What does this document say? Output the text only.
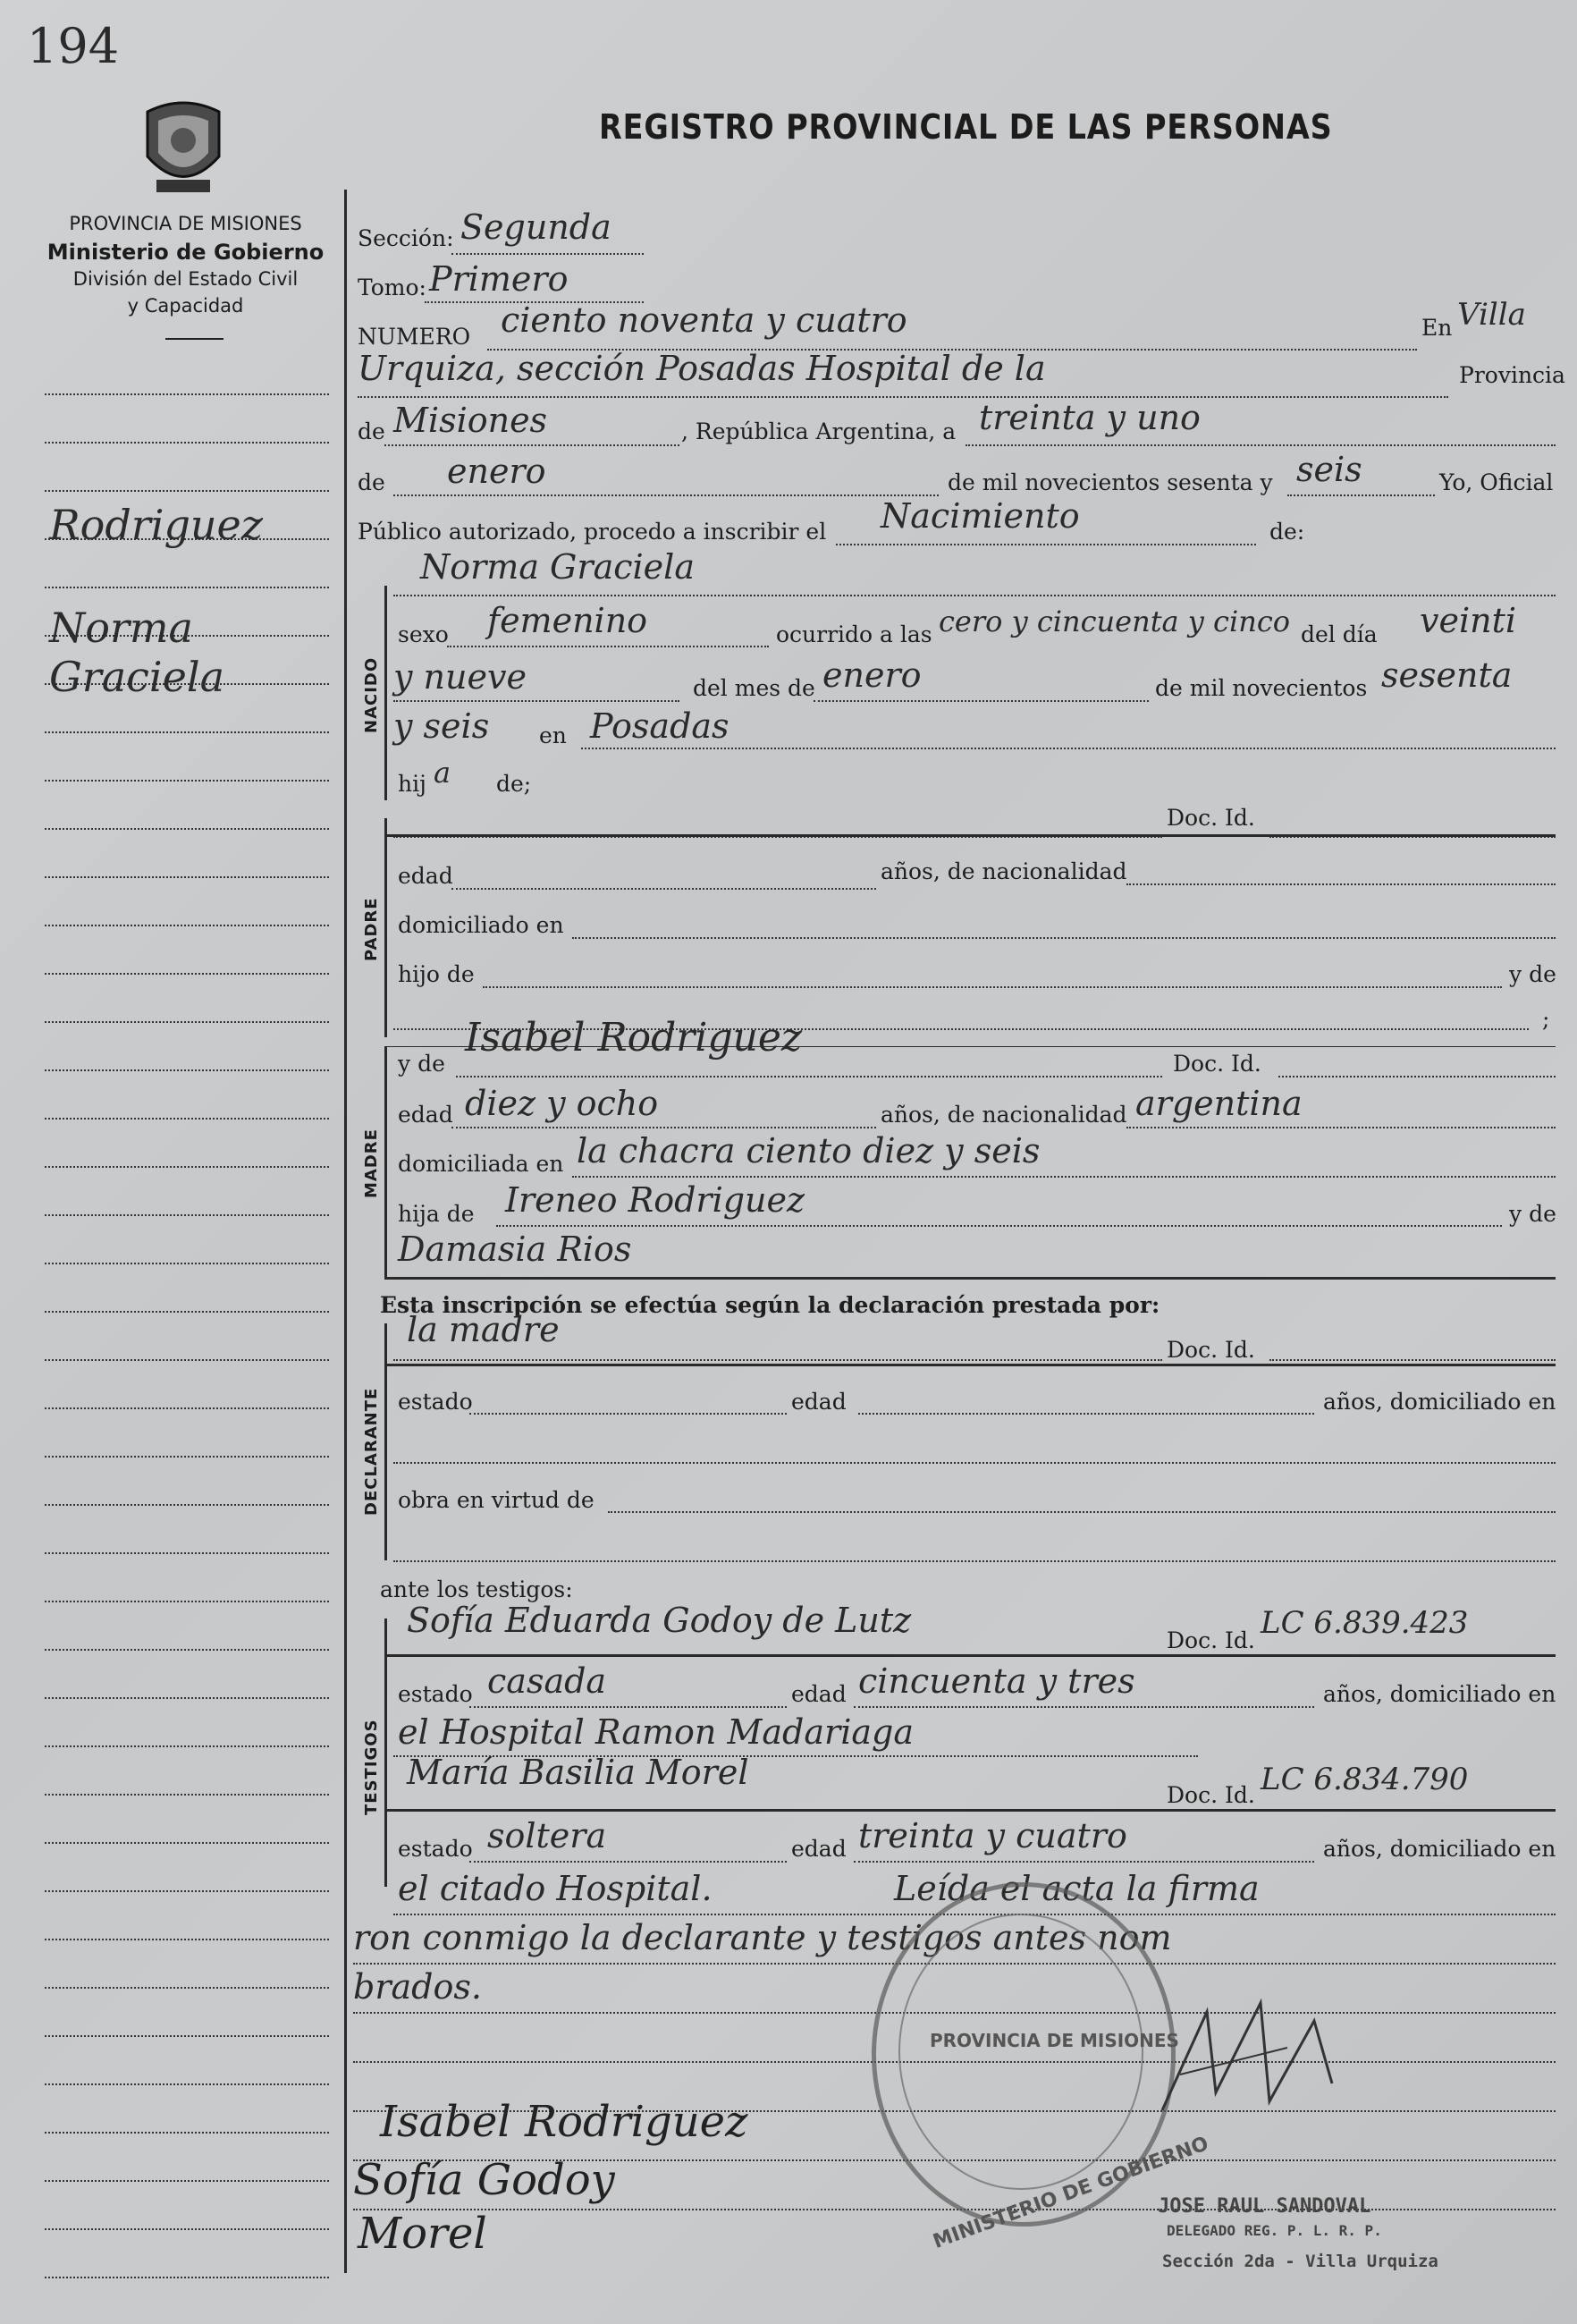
194
REGISTRO PROVINCIAL DE LAS PERSONAS
PROVINCIA DE MISIONES
Ministerio de Gobierno
División del Estado Civil
y Capacidad
Rodriguez
Norma
Graciela
Sección: Segunda
Tomo: Primero
NUMERO ciento noventa y cuatro	En Villa
Urquiza, sección Posadas Hospital de la	Provincia
de Misiones	, República Argentina, a treinta y uno
de enero	de mil novecientos sesenta y seis	Yo, Oficial
Público autorizado, procedo a inscribir el Nacimiento	de:
Norma Graciela
NACIDO
sexo femenino	ocurrido a las cero y cincuenta y cinco del día veinti
y nueve	del mes de enero	de mil novecientos sesenta
y seis en Posadas
hij a de;
Doc. Id.
PADRE
edad	años, de nacionalidad
domiciliado en
hijo de	y de
;
MADRE
y de
Isabel Rodriguez
Doc. Id.
edad diez y ocho	años, de nacionalidad argentina
domiciliada en la chacra ciento diez y seis
hija de Ireneo Rodriguez	y de
Damasia Rios
Esta inscripción se efectúa según la declaración prestada por:
DECLARANTE
la madre
Doc. Id.
estado	edad	años, domiciliado en
obra en virtud de
ante los testigos:
TESTIGOS
Sofía Eduarda Godoy de Lutz
Doc. Id. LC 6.839.423
estado casada	edad cincuenta y tres	años, domiciliado en
el Hospital Ramon Madariaga
María Basilia Morel
Doc. Id. LC 6.834.790
estado soltera	edad treinta y cuatro	años, domiciliado en
el citado Hospital.	Leída el acta la firma
ron conmigo la declarante y testigos antes nom
brados.
MINISTERIO DE GOBIERNO
PROVINCIA DE MISIONES
Isabel Rodriguez
Sofía Godoy
Morel
JOSE RAUL SANDOVAL
DELEGADO REG. P. L. R. P.
Sección 2da - Villa Urquiza
